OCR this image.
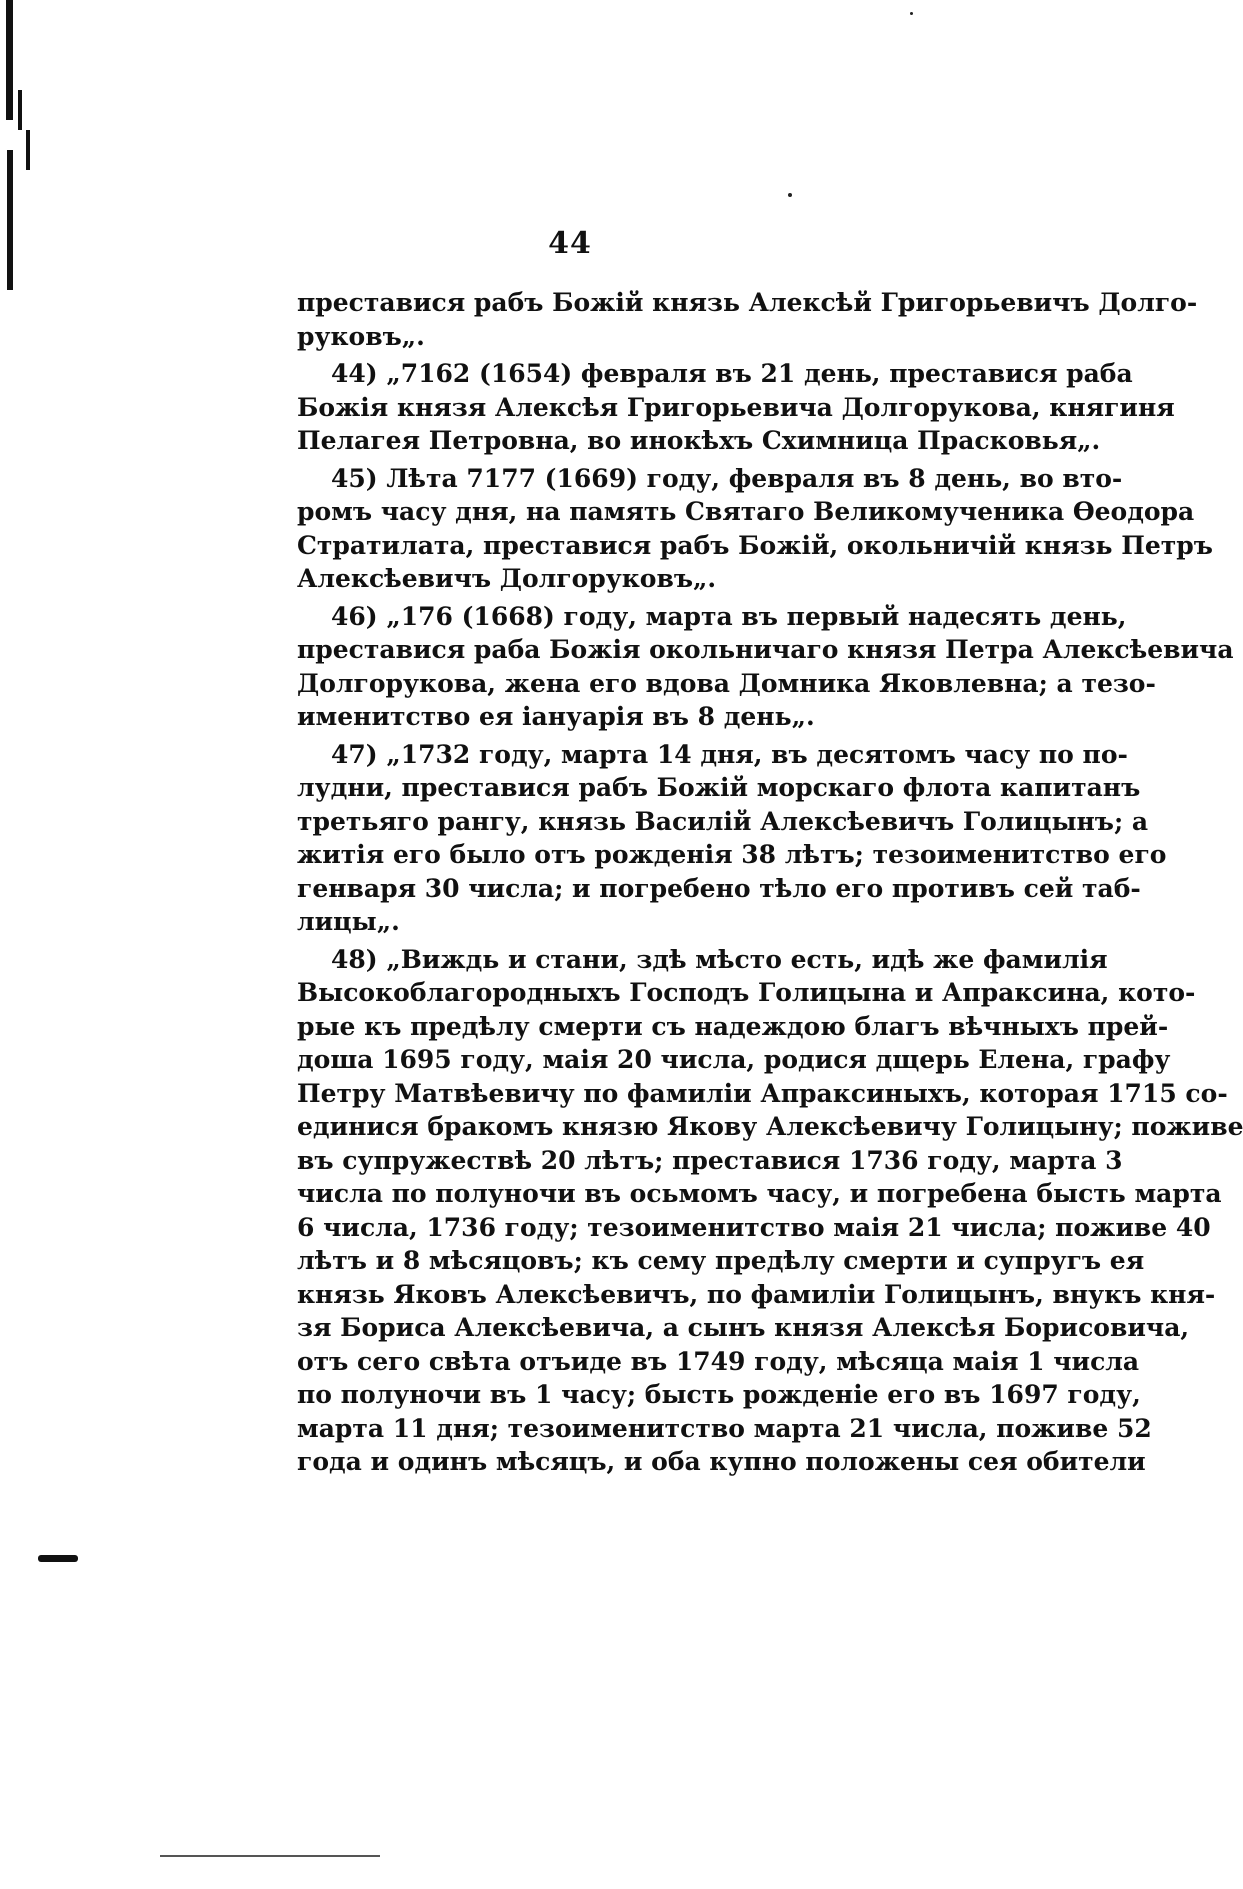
44
преставися рабъ Божій князь Алексѣй Григорьевичъ Долго-
руковъ„.
44) „7162 (1654) февраля въ 21 день, преставися раба
Божія князя Алексѣя Григорьевича Долгорукова, княгиня
Пелагея Петровна, во инокѣхъ Схимница Прасковья„.
45) Лѣта 7177 (1669) году, февраля въ 8 день, во вто-
ромъ часу дня, на память Святаго Великомученика Ѳеодора
Стратилата, преставися рабъ Божій, окольничій князь Петръ
Алексѣевичъ Долгоруковъ„.
46) „176 (1668) году, марта въ первый надесять день,
преставися раба Божія окольничаго князя Петра Алексѣевича
Долгорукова, жена его вдова Домника Яковлевна; а тезо-
именитство ея іануарія въ 8 день„.
47) „1732 году, марта 14 дня, въ десятомъ часу по по-
лудни, преставися рабъ Божій морскаго флота капитанъ
третьяго рангу, князь Василій Алексѣевичъ Голицынъ; а
житія его было отъ рожденія 38 лѣтъ; тезоименитство его
генваря 30 числа; и погребено тѣло его противъ сей таб-
лицы„.
48) „Виждь и стани, здѣ мѣсто есть, идѣ же фамилія
Высокоблагородныхъ Господъ Голицына и Апраксина, кото-
рые къ предѣлу смерти съ надеждою благъ вѣчныхъ прей-
доша 1695 году, маія 20 числа, родися дщерь Елена, графу
Петру Матвѣевичу по фамиліи Апраксиныхъ, которая 1715 со-
единися бракомъ князю Якову Алексѣевичу Голицыну; поживе
въ супружествѣ 20 лѣтъ; преставися 1736 году, марта 3
числа по полуночи въ осьмомъ часу, и погребена бысть марта
6 числа, 1736 году; тезоименитство маія 21 числа; поживе 40
лѣтъ и 8 мѣсяцовъ; къ сему предѣлу смерти и супругъ ея
князь Яковъ Алексѣевичъ, по фамиліи Голицынъ, внукъ кня-
зя Бориса Алексѣевича, а сынъ князя Алексѣя Борисовича,
отъ сего свѣта отъиде въ 1749 году, мѣсяца маія 1 числа
по полуночи въ 1 часу; бысть рожденіе его въ 1697 году,
марта 11 дня; тезоименитство марта 21 числа, поживе 52
года и одинъ мѣсяцъ, и оба купно положены сея обители
